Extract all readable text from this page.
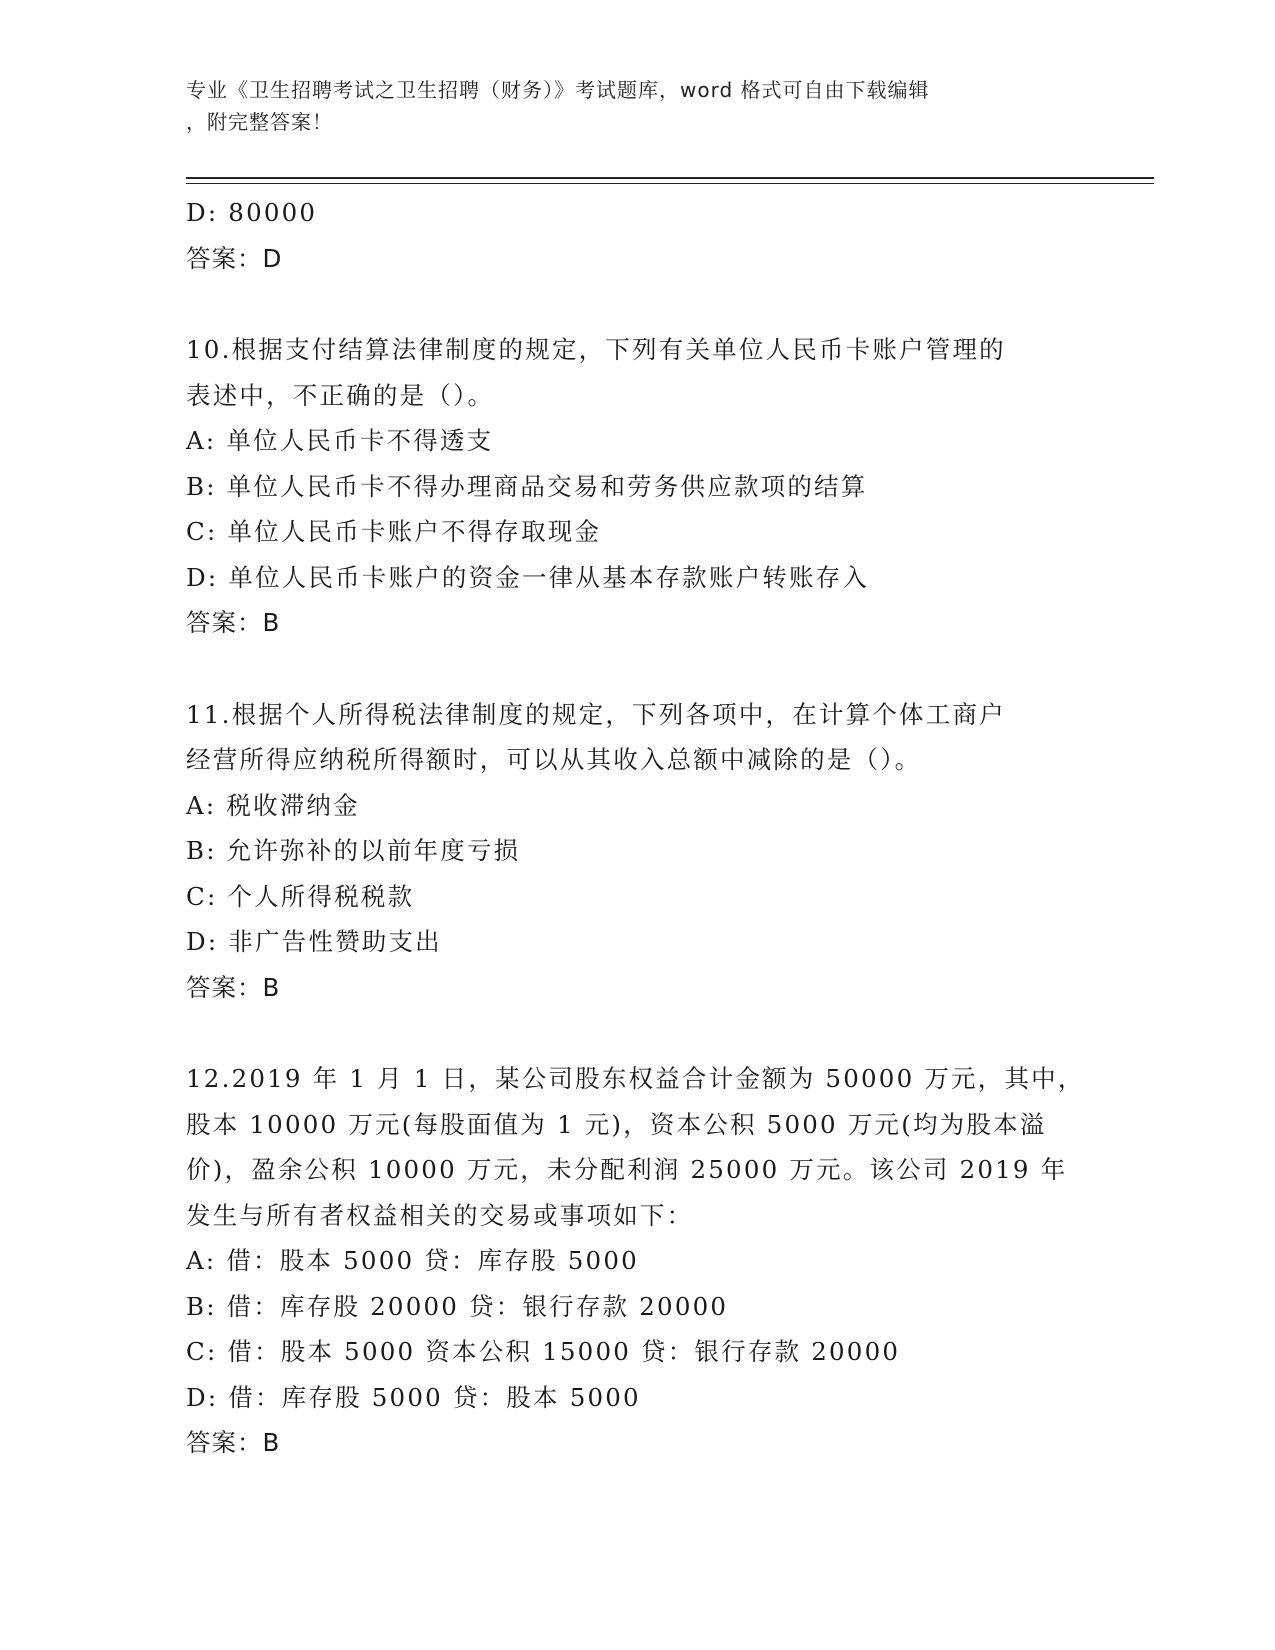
专业《卫生招聘考试之卫生招聘（财务）》考试题库，word 格式可自由下载编辑
，附完整答案！
D: 80000
答案：D
10.根据支付结算法律制度的规定，下列有关单位人民币卡账户管理的
表述中，不正确的是（）。
A: 单位人民币卡不得透支
B: 单位人民币卡不得办理商品交易和劳务供应款项的结算
C: 单位人民币卡账户不得存取现金
D: 单位人民币卡账户的资金一律从基本存款账户转账存入
答案：B
11.根据个人所得税法律制度的规定，下列各项中，在计算个体工商户
经营所得应纳税所得额时，可以从其收入总额中减除的是（）。
A: 税收滞纳金
B: 允许弥补的以前年度亏损
C: 个人所得税税款
D: 非广告性赞助支出
答案：B
12.2019 年 1 月 1 日，某公司股东权益合计金额为 50000 万元，其中，
股本 10000 万元(每股面值为 1 元)，资本公积 5000 万元(均为股本溢
价)，盈余公积 10000 万元，未分配利润 25000 万元。该公司 2019 年
发生与所有者权益相关的交易或事项如下：
A: 借：股本 5000 贷：库存股 5000
B: 借：库存股 20000 贷：银行存款 20000
C: 借：股本 5000 资本公积 15000 贷：银行存款 20000
D: 借：库存股 5000 贷：股本 5000
答案：B
